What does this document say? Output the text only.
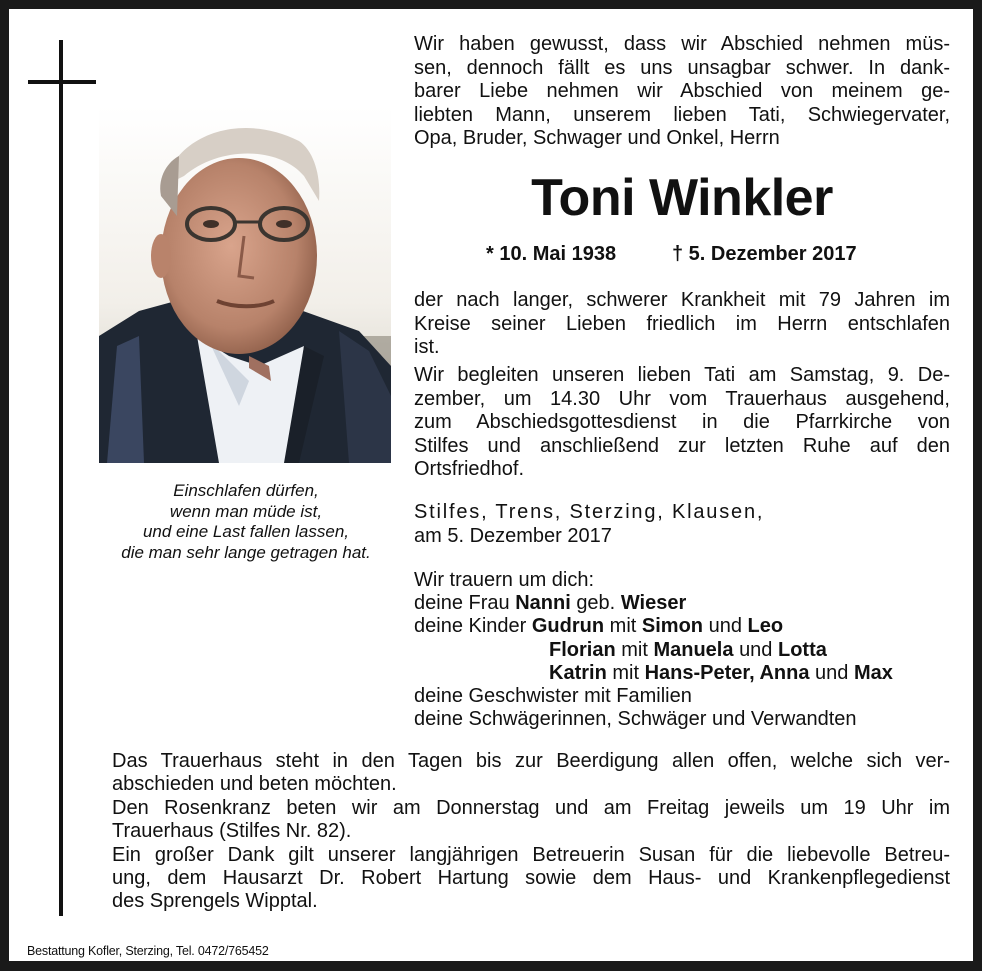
Einschlafen dürfen,
wenn man müde ist,
und eine Last fallen lassen,
die man sehr lange getragen hat.
Wir haben gewusst, dass wir Abschied nehmen müs-
sen, dennoch fällt es uns unsagbar schwer. In dank-
barer Liebe nehmen wir Abschied von meinem ge-
liebten Mann, unserem lieben Tati, Schwiegervater,
Opa, Bruder, Schwager und Onkel, Herrn
Toni Winkler
* 10. Mai 1938	† 5. Dezember 2017
der nach langer, schwerer Krankheit mit 79 Jahren im
Kreise seiner Lieben friedlich im Herrn entschlafen
ist.
Wir begleiten unseren lieben Tati am Samstag, 9. De-
zember, um 14.30 Uhr vom Trauerhaus ausgehend,
zum Abschiedsgottesdienst in die Pfarrkirche von
Stilfes und anschließend zur letzten Ruhe auf den
Ortsfriedhof.
Stilfes, Trens, Sterzing, Klausen,
am 5. Dezember 2017
Wir trauern um dich:
deine Frau Nanni geb. Wieser
deine Kinder Gudrun mit Simon und Leo
Florian mit Manuela und Lotta
Katrin mit Hans-Peter, Anna und Max
deine Geschwister mit Familien
deine Schwägerinnen, Schwäger und Verwandten
Das Trauerhaus steht in den Tagen bis zur Beerdigung allen offen, welche sich ver-
abschieden und beten möchten.
Den Rosenkranz beten wir am Donnerstag und am Freitag jeweils um 19 Uhr im
Trauerhaus (Stilfes Nr. 82).
Ein großer Dank gilt unserer langjährigen Betreuerin Susan für die liebevolle Betreu-
ung, dem Hausarzt Dr. Robert Hartung sowie dem Haus- und Krankenpflegedienst
des Sprengels Wipptal.
Bestattung Kofler, Sterzing, Tel. 0472/765452
